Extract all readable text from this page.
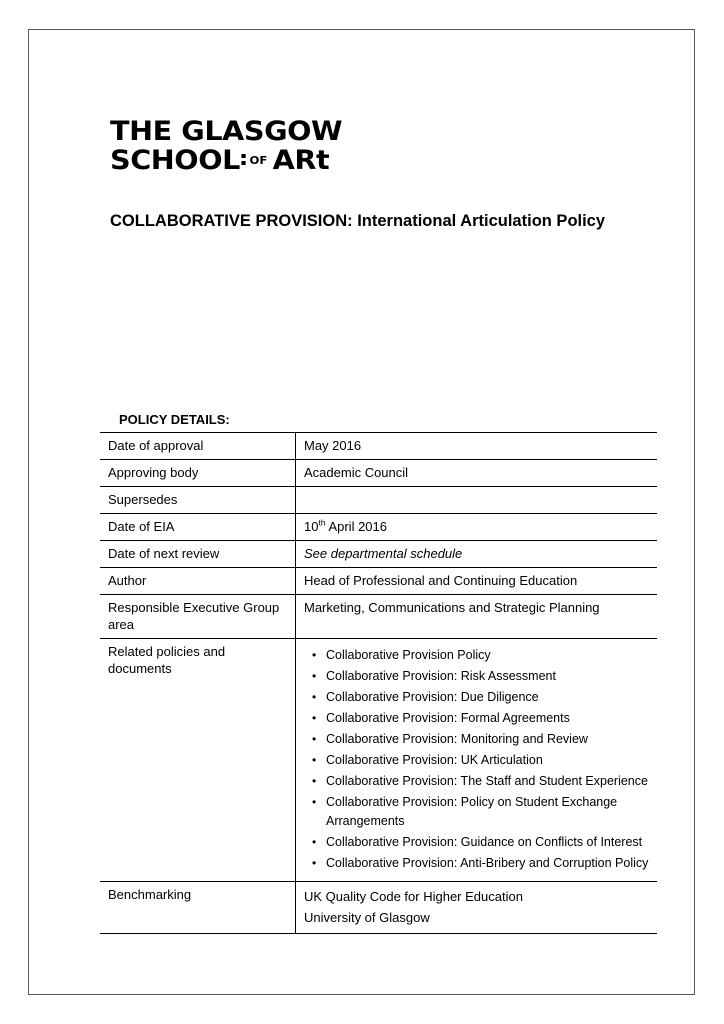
THE GLASGOW
SCHOOL OF ARt
COLLABORATIVE PROVISION: International Articulation Policy
POLICY DETAILS:
Date of approval	May 2016
Approving body	Academic Council
Supersedes	
Date of EIA	10th April 2016
Date of next review	See departmental schedule
Author	Head of Professional and Continuing Education
Responsible Executive Group area	Marketing, Communications and Strategic Planning
Related policies and documents	
• Collaborative Provision Policy
• Collaborative Provision: Risk Assessment
• Collaborative Provision: Due Diligence
• Collaborative Provision: Formal Agreements
• Collaborative Provision: Monitoring and Review
• Collaborative Provision: UK Articulation
• Collaborative Provision: The Staff and Student Experience
• Collaborative Provision: Policy on Student Exchange Arrangements
• Collaborative Provision: Guidance on Conflicts of Interest
• Collaborative Provision: Anti-Bribery and Corruption Policy

Benchmarking	UK Quality Code for Higher Education
University of Glasgow
